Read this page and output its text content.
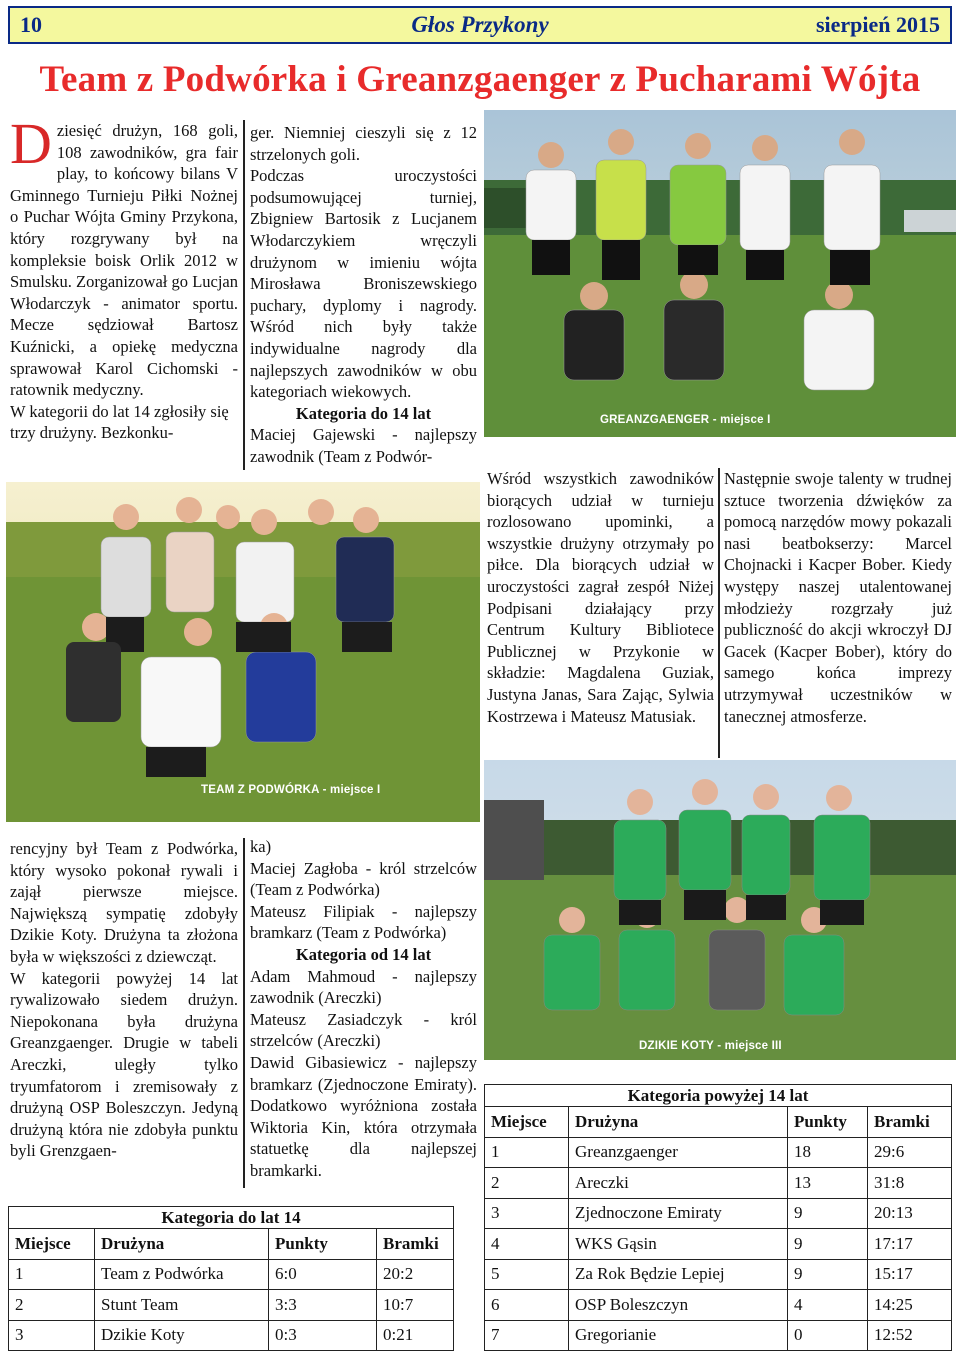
10	Głos Przykony	sierpień 2015
Team z Podwórka i Greanzgaenger z Pucharami Wójta
D ziesięć drużyn, 168 goli, 108 zawodników, gra fair play, to końcowy bilans V Gminnego Turnieju Piłki Nożnej o Puchar Wójta Gminy Przykona, który rozgrywany był na kompleksie boisk Orlik 2012 w Smulsku. Zorganizował go Lucjan Włodarczyk - animator sportu. Mecze sędziował Bartosz Kuźnicki, a opiekę medyczna sprawował Karol Cichomski - ratownik medyczny.

W kategorii do lat 14 zgłosiły się trzy drużyny. Bezkonku-

ger. Niemniej cieszyli się z 12 strzelonych goli.

Podczas uroczystości podsumowującej turniej, Zbigniew Bartosik z Lucjanem Włodarczykiem wręczyli drużynom w imieniu wójta Mirosława Broniszewskiego puchary, dyplomy i nagrody. Wśród nich były także indywidualne nagrody dla najlepszych zawodników w obu kategoriach wiekowych.

Kategoria do 14 lat

Maciej Gajewski - najlepszy zawodnik (Team z Podwór-

GREANZGAENGER - miejsce I

Wśród wszystkich zawodników biorących udział w turnieju rozlosowano upominki, a wszystkie drużyny otrzymały po piłce. Dla biorących udział w uroczystości zagrał zespół Niżej Podpisani działający przy Centrum Kultury Bibliotece Publicznej w Przykonie w składzie: Magdalena Guziak, Justyna Janas, Sara Zając, Sylwia Kostrzewa i Mateusz Matusiak.

Następnie swoje talenty w trudnej sztuce tworzenia dźwięków za pomocą narzędów mowy pokazali nasi beatbokserzy: Marcel Chojnacki i Kacper Bober. Kiedy występy naszej utalentowanej młodzieży rozgrzały już publiczność do akcji wkroczył DJ Gacek (Kacper Bober), który do samego końca imprezy utrzymywał uczestników w tanecznej atmosferze.

TEAM Z PODWÓRKA - miejsce I

rencyjny był Team z Podwórka, który wysoko pokonał rywali i zajął pierwsze miejsce. Największą sympatię zdobyły Dzikie Koty. Drużyna ta złożona była w większości z dziewcząt.

W kategorii powyżej 14 lat rywalizowało siedem drużyn. Niepokonana była drużyna Greanzgaenger. Drugie w tabeli Areczki, uległy tylko tryumfatorom i zremisowały z drużyną OSP Boleszczyn. Jedyną drużyną która nie zdobyła punktu byli Grenzgaen-

ka)

Maciej Zagłoba - król strzelców (Team z Podwórka)

Mateusz Filipiak - najlepszy bramkarz (Team z Podwórka)

Kategoria od 14 lat

Adam Mahmoud - najlepszy zawodnik (Areczki)

Mateusz Zasiadczyk - król strzelców (Areczki)

Dawid Gibasiewicz - najlepszy bramkarz (Zjednoczone Emiraty). Dodatkowo wyróżniona została Wiktoria Kin, która otrzymała statuetkę dla najlepszej bramkarki.

DZIKIE KOTY - miejsce III
Kategoria do lat 14			
Miejsce	Drużyna	Punkty	Bramki
1	Team z Podwórka	6:0	20:2
2	Stunt Team	3:3	10:7
3	Dzikie Koty	0:3	0:21
Kategoria powyżej 14 lat			
Miejsce	Drużyna	Punkty	Bramki
1	Greanzgaenger	18	29:6
2	Areczki	13	31:8
3	Zjednoczone Emiraty	9	20:13
4	WKS Gąsin	9	17:17
5	Za Rok Będzie Lepiej	9	15:17
6	OSP Boleszczyn	4	14:25
7	Gregorianie	0	12:52
